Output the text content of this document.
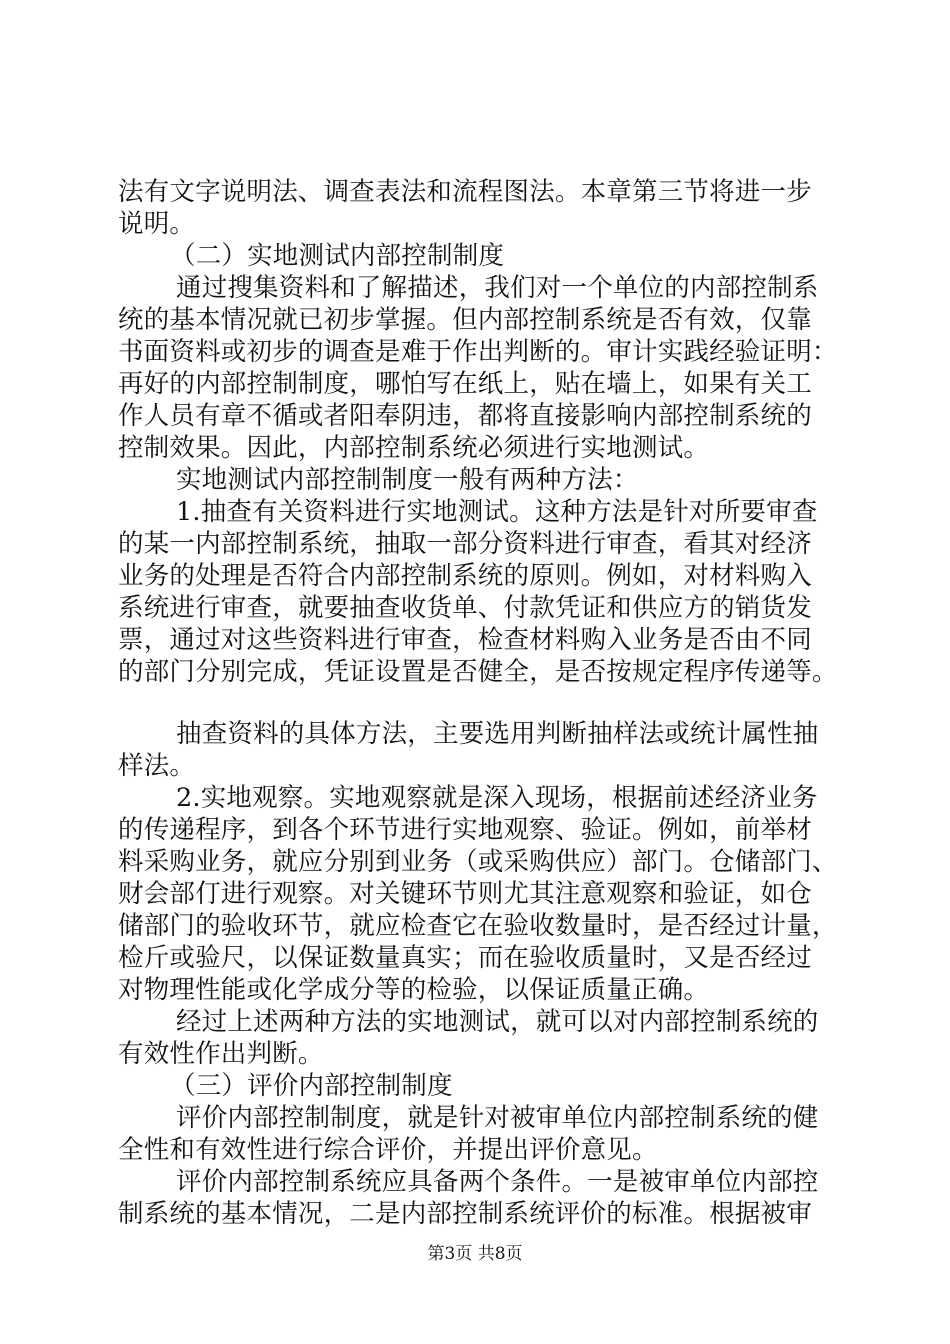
法有文字说明法、调查表法和流程图法。本章第三节将进一步
说明。
（二）实地测试内部控制制度
通过搜集资料和了解描述，我们对一个单位的内部控制系
统的基本情况就已初步掌握。但内部控制系统是否有效，仅靠
书面资料或初步的调查是难于作出判断的。审计实践经验证明：
再好的内部控制制度，哪怕写在纸上，贴在墙上，如果有关工
作人员有章不循或者阳奉阴违，都将直接影响内部控制系统的
控制效果。因此，内部控制系统必须进行实地测试。
实地测试内部控制制度一般有两种方法：
1.抽查有关资料进行实地测试。这种方法是针对所要审查
的某一内部控制系统，抽取一部分资料进行审查，看其对经济
业务的处理是否符合内部控制系统的原则。例如，对材料购入
系统进行审查，就要抽查收货单、付款凭证和供应方的销货发
票，通过对这些资料进行审查，检查材料购入业务是否由不同
的部门分别完成，凭证设置是否健全，是否按规定程序传递等。
抽查资料的具体方法，主要选用判断抽样法或统计属性抽
样法。
2.实地观察。实地观察就是深入现场，根据前述经济业务
的传递程序，到各个环节进行实地观察、验证。例如，前举材
料采购业务，就应分别到业务（或采购供应）部门。仓储部门、
财会部仃进行观察。对关键环节则尤其注意观察和验证，如仓
储部门的验收环节，就应检查它在验收数量时，是否经过计量，
检斤或验尺，以保证数量真实；而在验收质量时，又是否经过
对物理性能或化学成分等的检验，以保证质量正确。
经过上述两种方法的实地测试，就可以对内部控制系统的
有效性作出判断。
（三）评价内部控制制度
评价内部控制制度，就是针对被审单位内部控制系统的健
全性和有效性进行综合评价，并提出评价意见。
评价内部控制系统应具备两个条件。一是被审单位内部控
制系统的基本情况，二是内部控制系统评价的标准。根据被审
第3页 共8页
